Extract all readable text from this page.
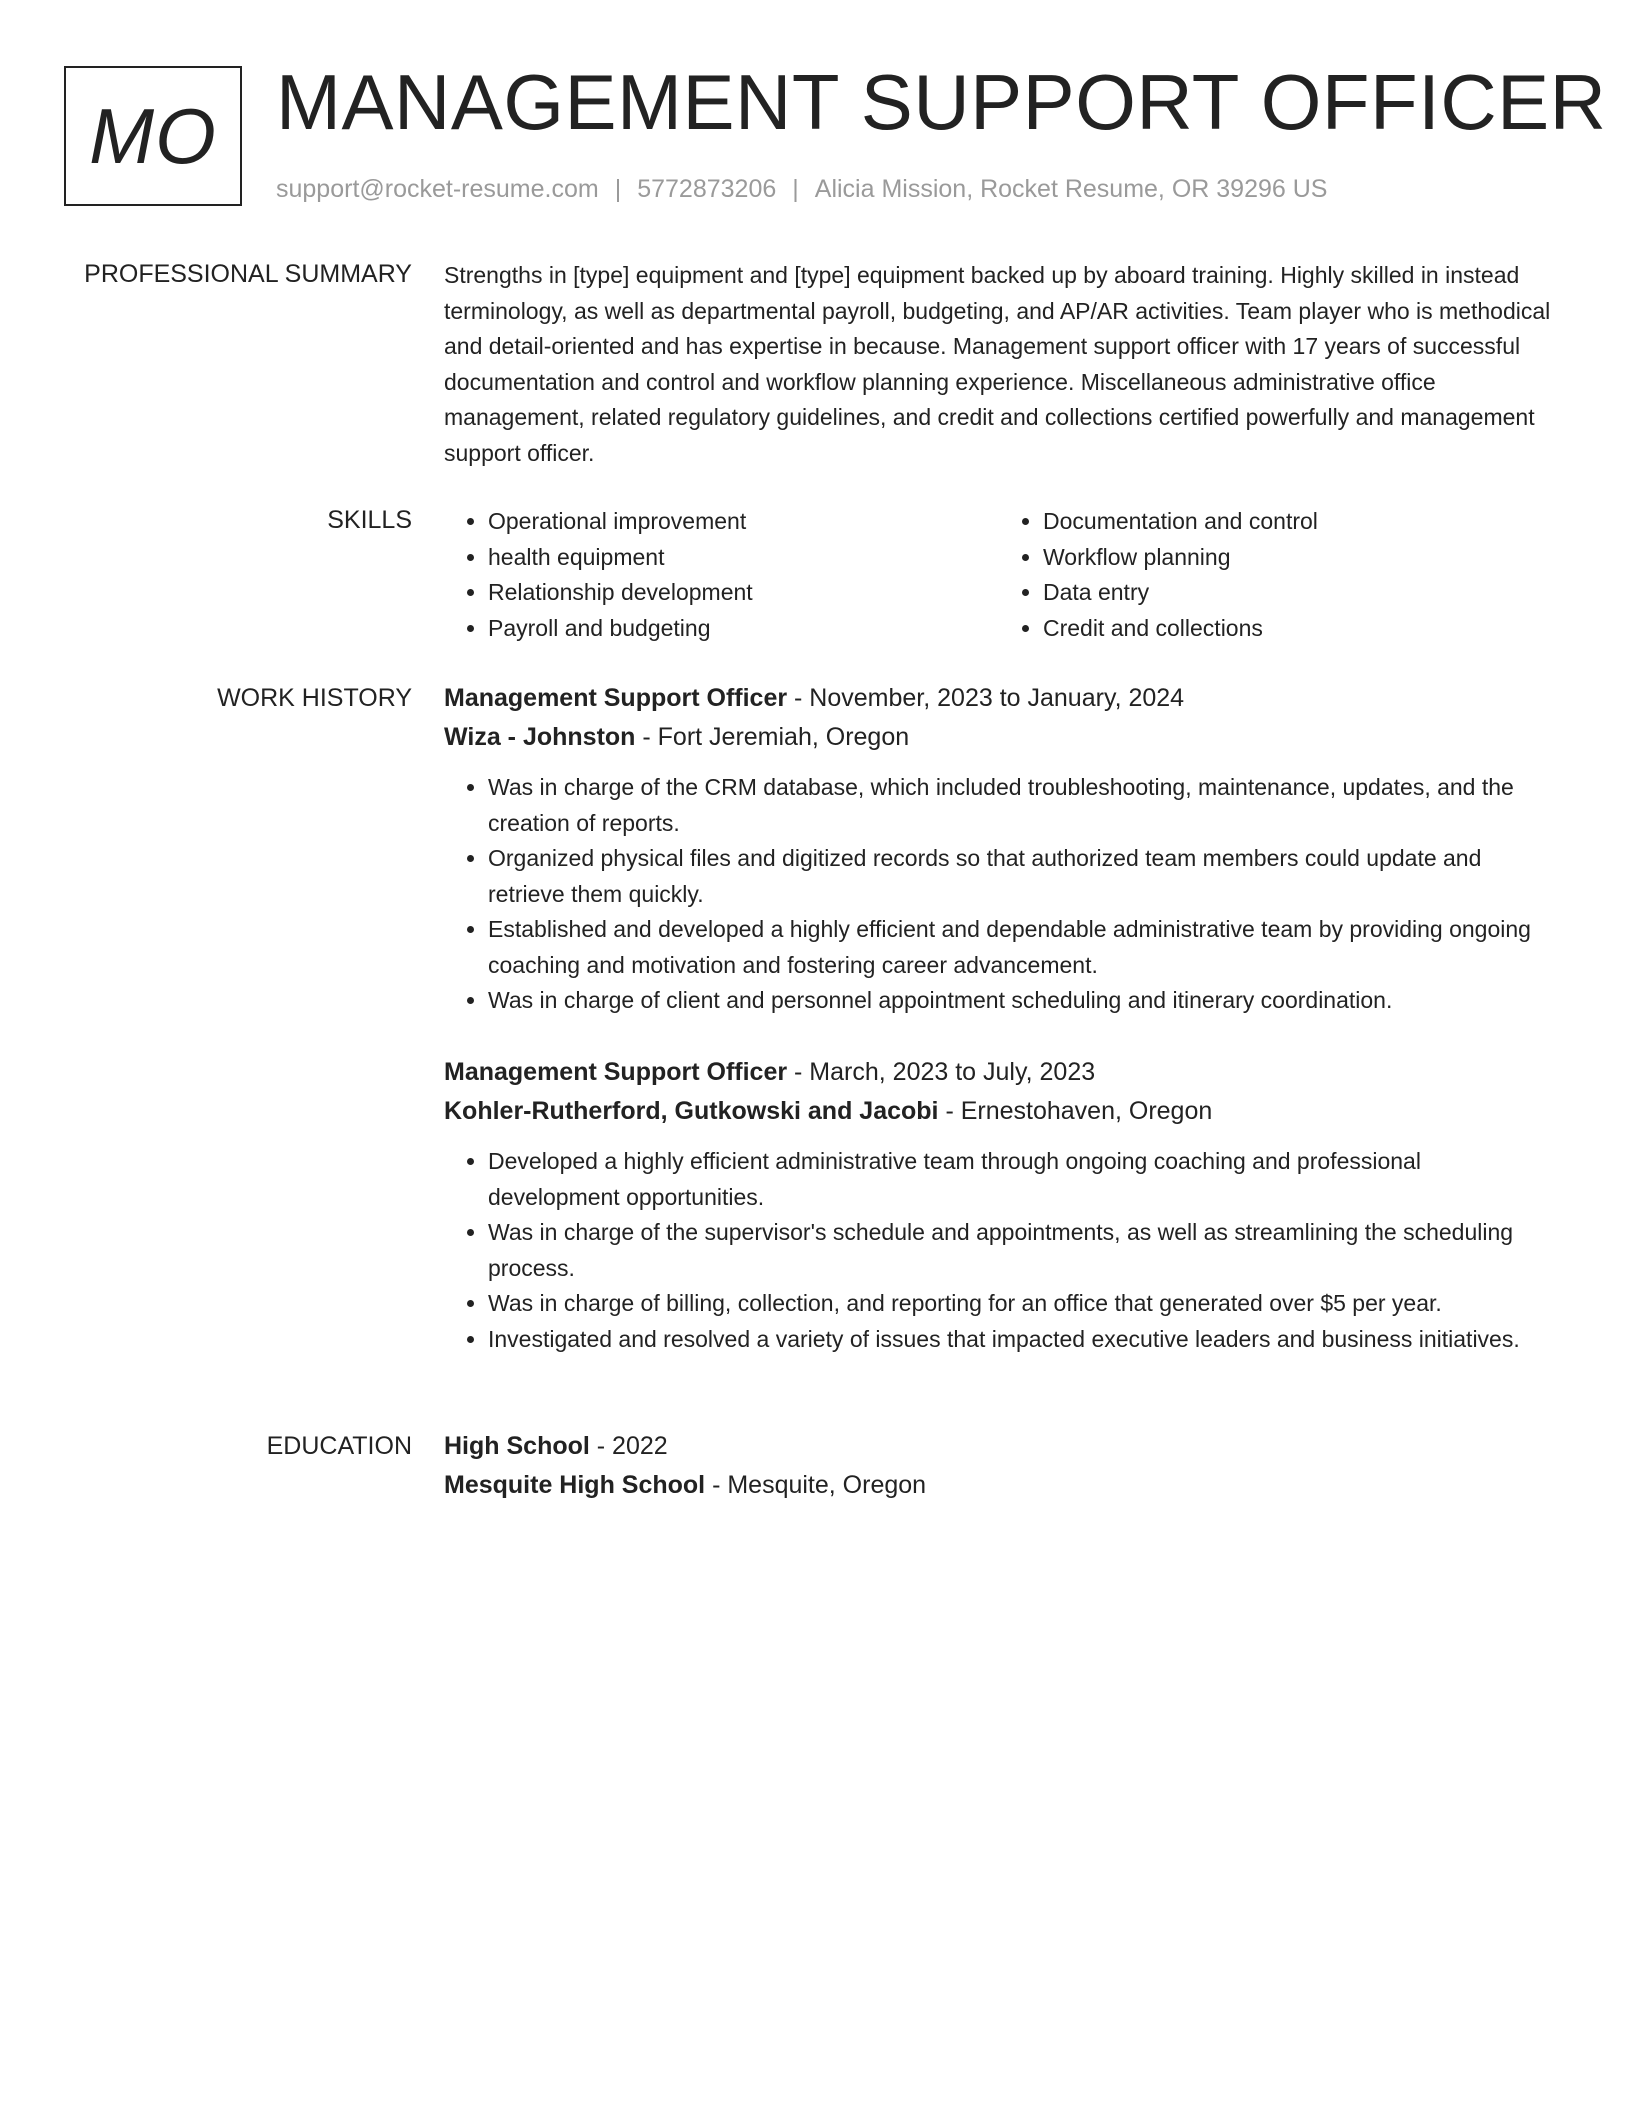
MO MANAGEMENT SUPPORT OFFICER
support@rocket-resume.com | 5772873206 | Alicia Mission, Rocket Resume, OR 39296 US
PROFESSIONAL SUMMARY Strengths in [type] equipment and [type] equipment backed up by aboard training. Highly skilled in instead terminology, as well as departmental payroll, budgeting, and AP/AR activities. Team player who is methodical and detail-oriented and has expertise in because. Management support officer with 17 years of successful documentation and control and workflow planning experience. Miscellaneous administrative office management, related regulatory guidelines, and credit and collections certified powerfully and management support officer.

SKILLS
•	Operational improvement
• health equipment
• Relationship development
• Payroll and budgeting
• Documentation and control
• Workflow planning
• Data entry
• Credit and collections
WORK HISTORY Management Support Officer - November, 2023 to January, 2024
Wiza - Johnston - Fort Jeremiah, Oregon
• Was in charge of the CRM database, which included troubleshooting, maintenance, updates, and the creation of reports.
• Organized physical files and digitized records so that authorized team members could update and retrieve them quickly.
• Established and developed a highly efficient and dependable administrative team by providing ongoing coaching and motivation and fostering career advancement.
• Was in charge of client and personnel appointment scheduling and itinerary coordination.
Management Support Officer - March, 2023 to July, 2023
Kohler-Rutherford, Gutkowski and Jacobi - Ernestohaven, Oregon
• Developed a highly efficient administrative team through ongoing coaching and professional development opportunities.
• Was in charge of the supervisor's schedule and appointments, as well as streamlining the scheduling process.
• Was in charge of billing, collection, and reporting for an office that generated over $5 per year.
• Investigated and resolved a variety of issues that impacted executive leaders and business initiatives.
EDUCATION High School - 2022
Mesquite High School - Mesquite, Oregon
